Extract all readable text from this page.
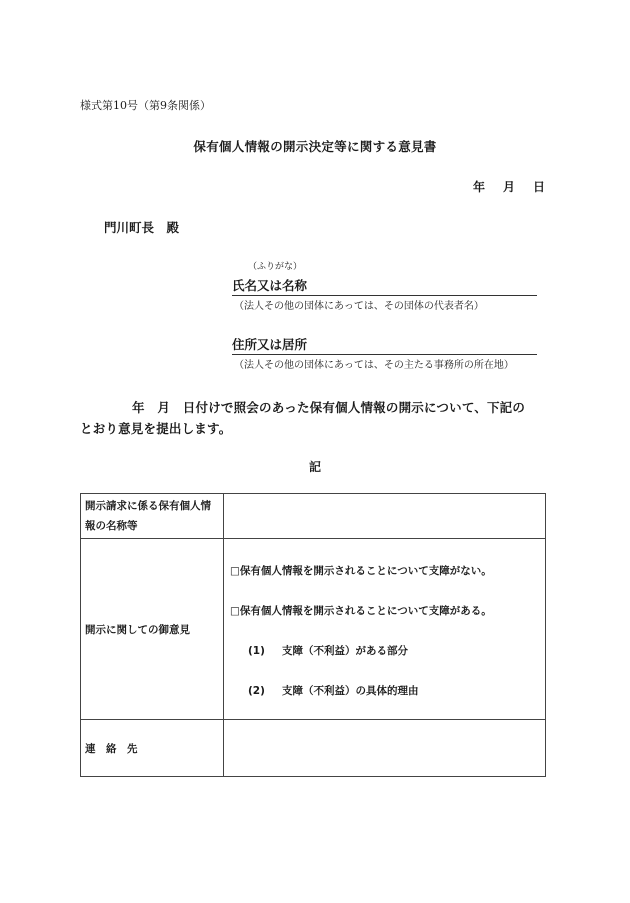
様式第10号（第9条関係）
保有個人情報の開示決定等に関する意見書
年 月 日
門川町長　殿
（ふりがな）
氏名又は名称
（法人その他の団体にあっては、その団体の代表者名）
住所又は居所
（法人その他の団体にあっては、その主たる事務所の所在地）
年　月　日付けで照会のあった保有個人情報の開示について、下記の
とおり意見を提出します。
記
開示請求に係る保有個人情報の名称等	
開示に関しての御意見	□保有個人情報を開示されることについて支障がない。
□保有個人情報を開示されることについて支障がある。
(1) 支障（不利益）がある部分
(2) 支障（不利益）の具体的理由

連　絡　先	
